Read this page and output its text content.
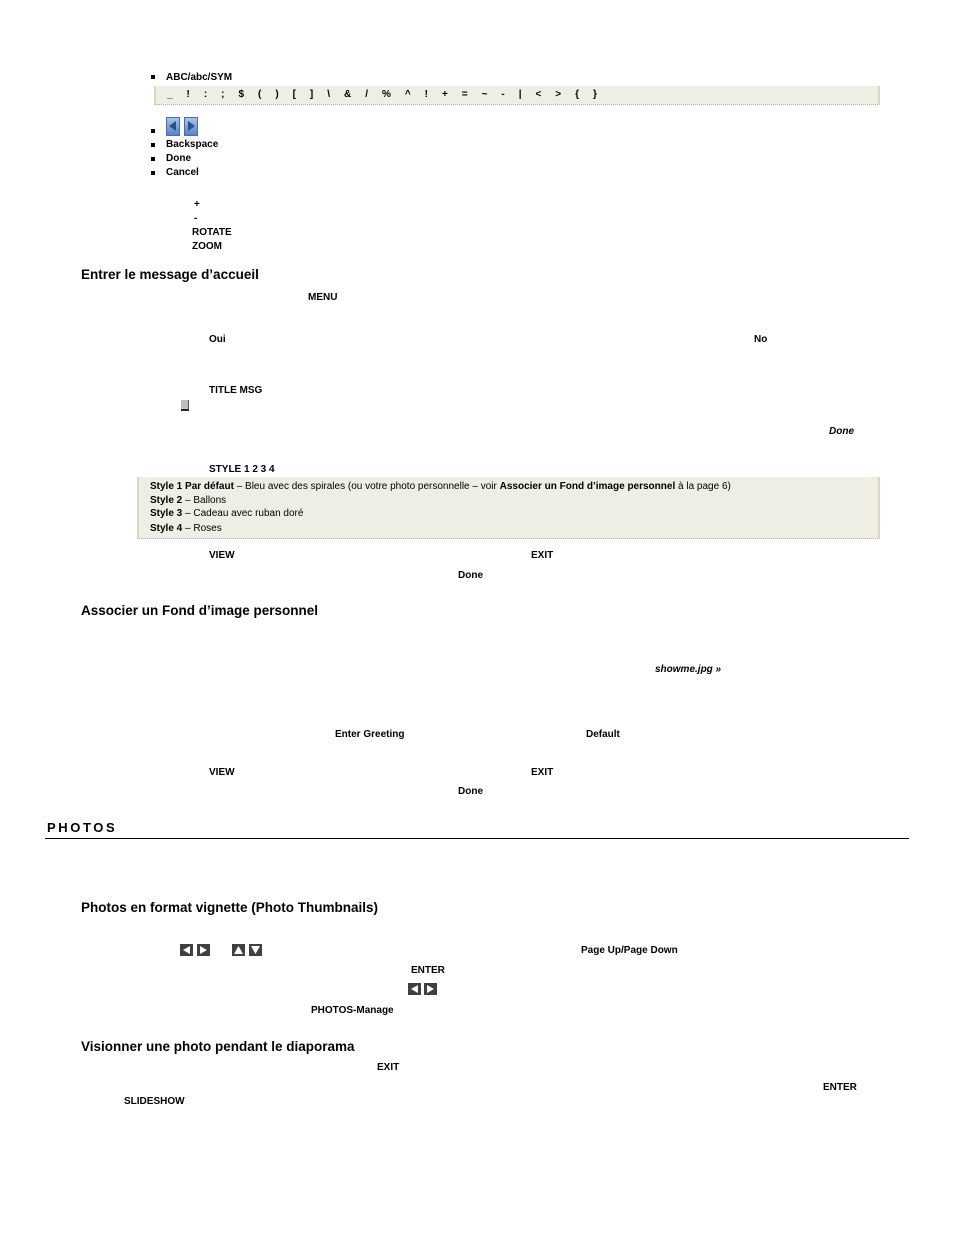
ABC/abc/SYM
_ ! : ; $ ( ) [ ] \ & / % ^ ! + = ~ - | < > { }
Backspace
Done
Cancel
+
-
ROTATE
ZOOM
Entrer le message d’accueil
MENU
Oui	No
TITLE MSG
Done
STYLE 1 2 3 4
Style 1 Par défaut – Bleu avec des spirales (ou votre photo personnelle – voir Associer un Fond d’image personnel à la page 6)
Style 2 – Ballons
Style 3 – Cadeau avec ruban doré
Style 4 – Roses
VIEW	EXIT
Done
Associer un Fond d’image personnel
showme.jpg »
Enter Greeting	Default
VIEW	EXIT
Done
PHOTOS
Photos en format vignette (Photo Thumbnails)
Page Up/Page Down
ENTER
PHOTOS-Manage
Visionner une photo pendant le diaporama
EXIT
ENTER
SLIDESHOW
